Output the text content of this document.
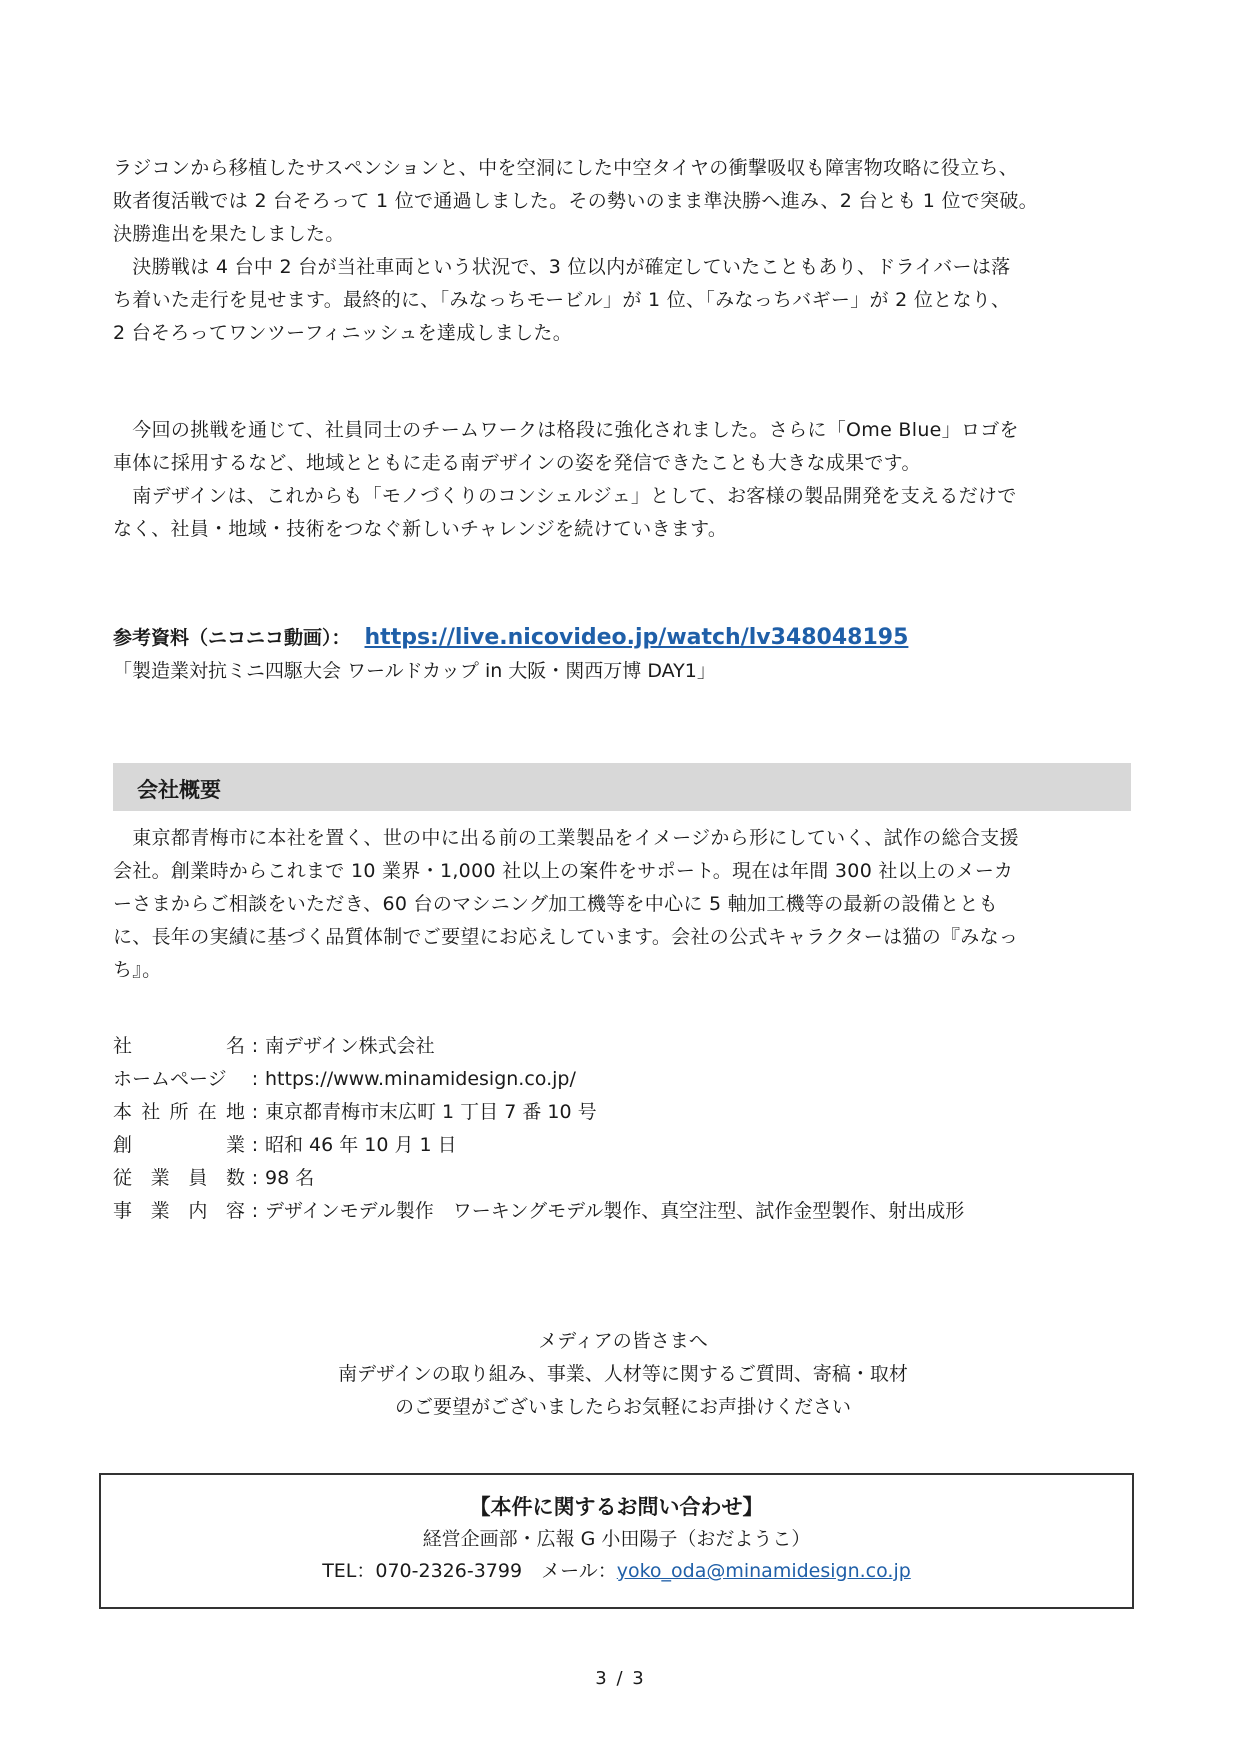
ラジコンから移植したサスペンションと、中を空洞にした中空タイヤの衝撃吸収も障害物攻略に役立ち、
敗者復活戦では 2 台そろって 1 位で通過しました。その勢いのまま準決勝へ進み、2 台とも 1 位で突破。
決勝進出を果たしました。
　決勝戦は 4 台中 2 台が当社車両という状況で、3 位以内が確定していたこともあり、ドライバーは落
ち着いた走行を見せます。最終的に、「みなっちモービル」が 1 位、「みなっちバギー」が 2 位となり、
2 台そろってワンツーフィニッシュを達成しました。

　今回の挑戦を通じて、社員同士のチームワークは格段に強化されました。さらに「Ome Blue」ロゴを
車体に採用するなど、地域とともに走る南デザインの姿を発信できたことも大きな成果です。
　南デザインは、これからも「モノづくりのコンシェルジェ」として、お客様の製品開発を支えるだけで
なく、社員・地域・技術をつなぐ新しいチャレンジを続けていきます。

参考資料（ニコニコ動画）： https://live.nicovideo.jp/watch/lv348048195
「製造業対抗ミニ四駆大会 ワールドカップ in 大阪・関西万博 DAY1」
会社概要

　東京都青梅市に本社を置く、世の中に出る前の工業製品をイメージから形にしていく、試作の総合支援
会社。創業時からこれまで 10 業界・1,000 社以上の案件をサポート。現在は年間 300 社以上のメーカ
ーさまからご相談をいただき、60 台のマシニング加工機等を中心に 5 軸加工機等の最新の設備ととも
に、長年の実績に基づく品質体制でご要望にお応えしています。会社の公式キャラクターは猫の『みなっ
ち』。

社	名 : 南デザイン株式会社
ホームページ	: https://www.minamidesign.co.jp/
本 社 所 在 地 : 東京都青梅市末広町 1 丁目 7 番 10 号
創	業 : 昭和 46 年 10 月 1 日
従 業 員 数 : 98 名
事 業 内 容 : デザインモデル製作　ワーキングモデル製作、真空注型、試作金型製作、射出成形
メディアの皆さまへ
南デザインの取り組み、事業、人材等に関するご質問、寄稿・取材
のご要望がございましたらお気軽にお声掛けください
【本件に関するお問い合わせ】
経営企画部・広報 G 小田陽子（おだようこ）
TEL：070-2326-3799　メール：yoko_oda@minamidesign.co.jp
3 / 3
